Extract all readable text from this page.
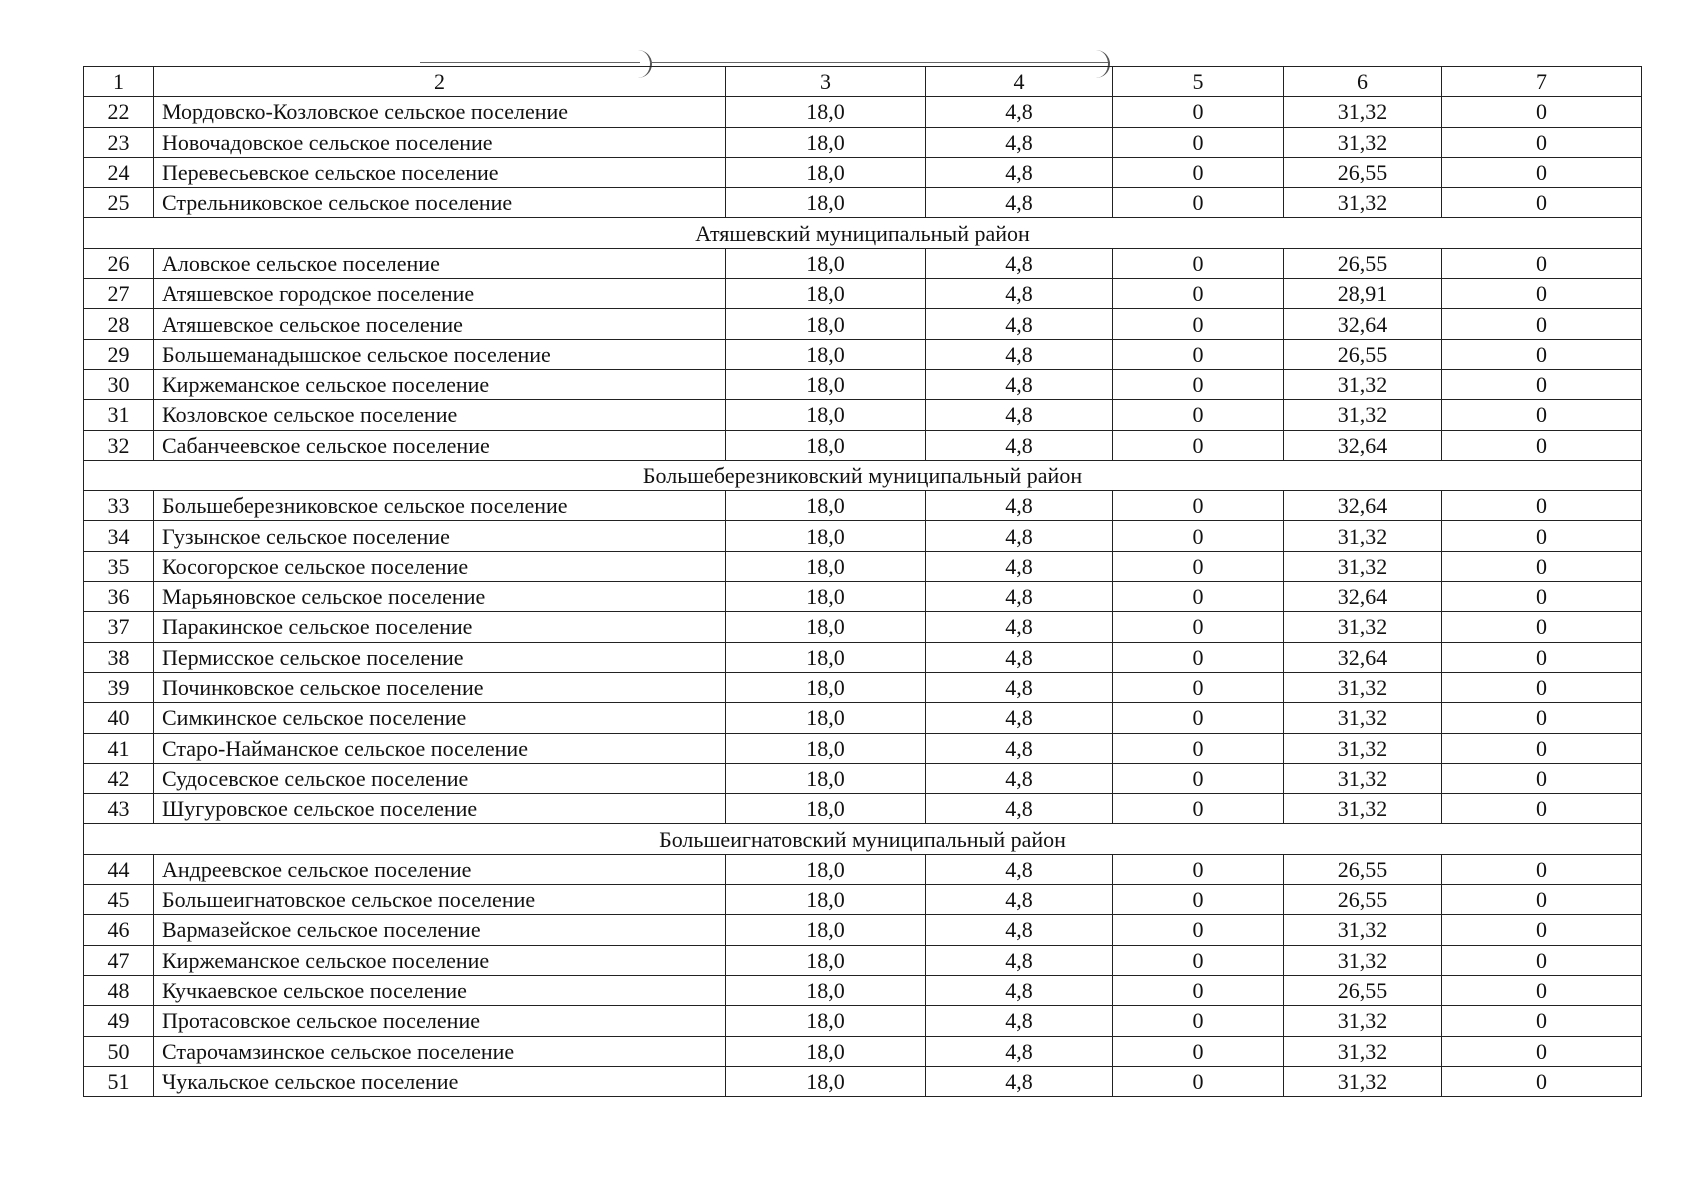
1	2	3	4	5	6	7
22	Мордовско-Козловское сельское поселение	18,0	4,8	0	31,32	0
23	Новочадовское сельское поселение	18,0	4,8	0	31,32	0
24	Перевесьевское сельское поселение	18,0	4,8	0	26,55	0
25	Стрельниковское сельское поселение	18,0	4,8	0	31,32	0
Атяшевский муниципальный район						
26	Аловское сельское поселение	18,0	4,8	0	26,55	0
27	Атяшевское городское поселение	18,0	4,8	0	28,91	0
28	Атяшевское сельское поселение	18,0	4,8	0	32,64	0
29	Большеманадышское сельское поселение	18,0	4,8	0	26,55	0
30	Киржеманское сельское поселение	18,0	4,8	0	31,32	0
31	Козловское сельское поселение	18,0	4,8	0	31,32	0
32	Сабанчеевское сельское поселение	18,0	4,8	0	32,64	0
Большеберезниковский муниципальный район						
33	Большеберезниковское сельское поселение	18,0	4,8	0	32,64	0
34	Гузынское сельское поселение	18,0	4,8	0	31,32	0
35	Косогорское сельское поселение	18,0	4,8	0	31,32	0
36	Марьяновское сельское поселение	18,0	4,8	0	32,64	0
37	Паракинское сельское поселение	18,0	4,8	0	31,32	0
38	Пермисское сельское поселение	18,0	4,8	0	32,64	0
39	Починковское сельское поселение	18,0	4,8	0	31,32	0
40	Симкинское сельское поселение	18,0	4,8	0	31,32	0
41	Старо-Наймaнское сельское поселение	18,0	4,8	0	31,32	0
42	Судосевское сельское поселение	18,0	4,8	0	31,32	0
43	Шугуровское сельское поселение	18,0	4,8	0	31,32	0
Большеигнатовский муниципальный район						
44	Андреевское сельское поселение	18,0	4,8	0	26,55	0
45	Большеигнатовское сельское поселение	18,0	4,8	0	26,55	0
46	Вармазейское сельское поселение	18,0	4,8	0	31,32	0
47	Киржеманское сельское поселение	18,0	4,8	0	31,32	0
48	Кучкаевское сельское поселение	18,0	4,8	0	26,55	0
49	Протасовское сельское поселение	18,0	4,8	0	31,32	0
50	Старочамзинское сельское поселение	18,0	4,8	0	31,32	0
51	Чукальское сельское поселение	18,0	4,8	0	31,32	0
